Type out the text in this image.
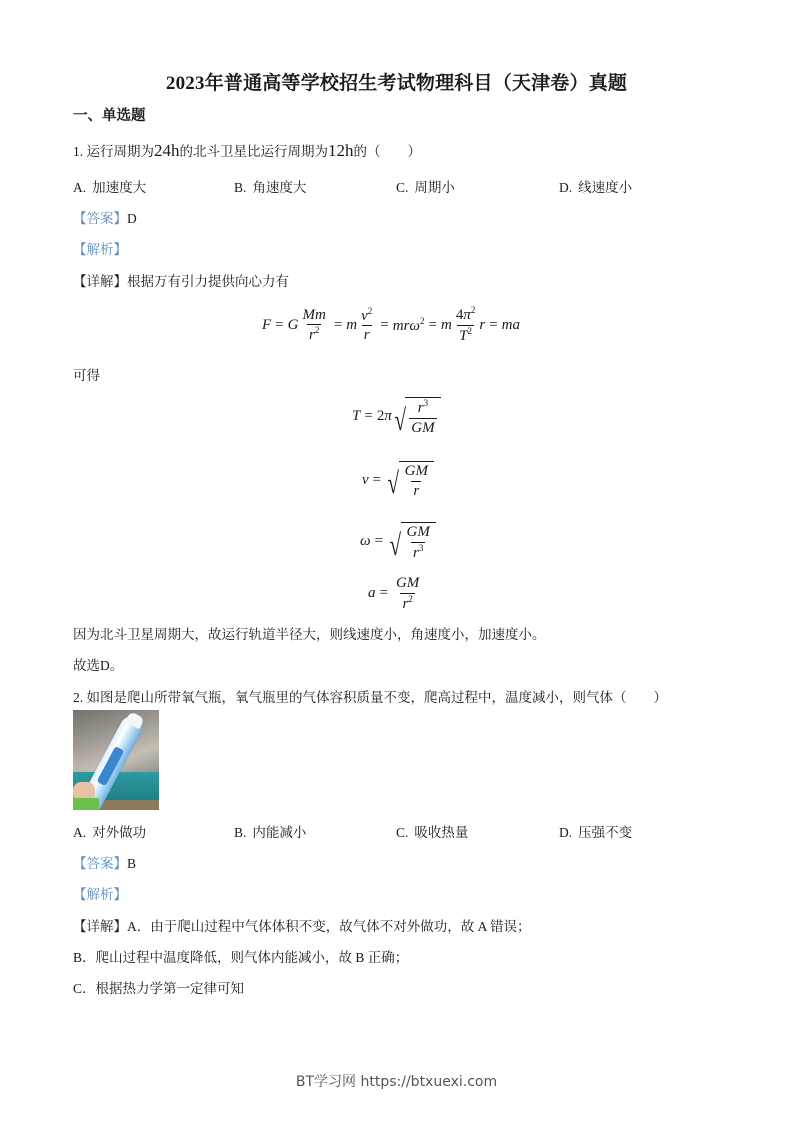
2023年普通高等学校招生考试物理科目（天津卷）真题
一、单选题
1. 运行周期为24h的北斗卫星比运行周期为12h的（　　）
A. 加速度大	B. 角速度大	C. 周期小	D. 线速度小
【答案】D
【解析】
【详解】根据万有引力提供向心力有
F = G $\frac{Mm}{r^2} = m \frac{v^2}{r} = mr\omega^2 = m \frac{4\pi^2}{T^2}$ r = ma
可得
T = 2 π √ $\frac{r^3}{GM}$
v = √ $\frac{GM}{r}$
ω = √ $\frac{GM}{r^3}$
$a = \frac{GM}{r^2}$
因为北斗卫星周期大，故运行轨道半径大，则线速度小，角速度小，加速度小。
故选D。
2. 如图是爬山所带氧气瓶，氧气瓶里的气体容积质量不变，爬高过程中，温度减小，则气体（　　）
A. 对外做功	B. 内能减小	C. 吸收热量	D. 压强不变
【答案】B
【解析】
【详解】A．由于爬山过程中气体体积不变，故气体不对外做功，故 A 错误；
B．爬山过程中温度降低，则气体内能减小，故 B 正确；
C．根据热力学第一定律可知
BT学习网 https://btxuexi.com
